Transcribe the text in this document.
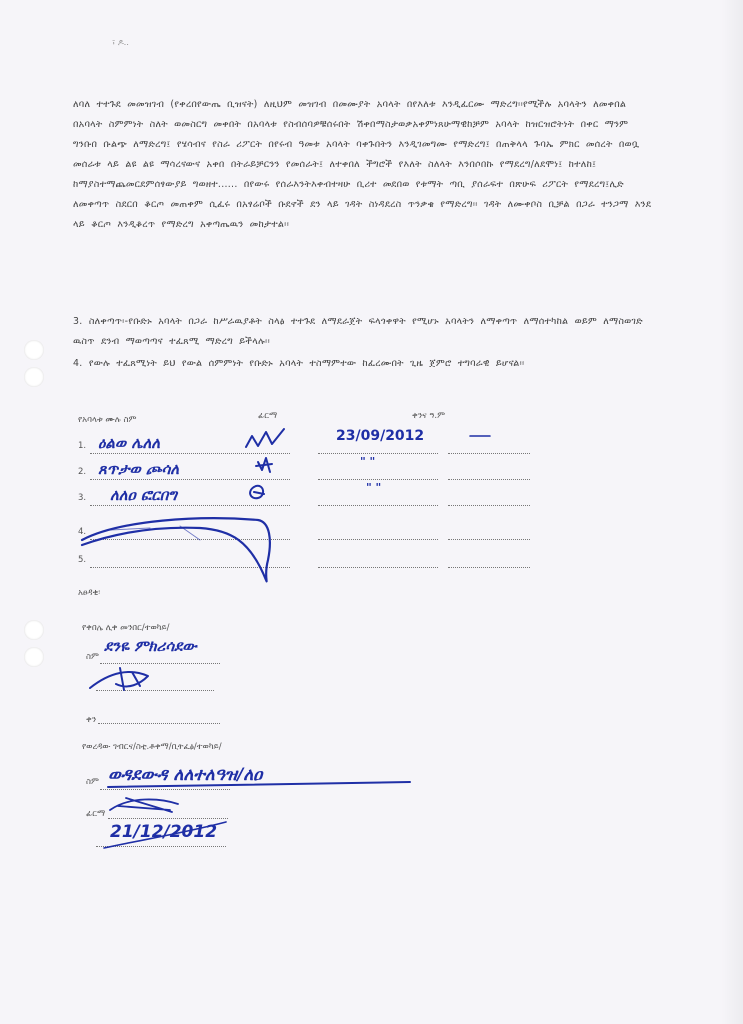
፣ ዶ‥
ለባለ ተተጉደ መመዝገብ (የቀረበየውጤ ቢዝናት) ለዚህም መዝገብ በመሙያት አባላት በየእለቱ እንዲፈርሙ ማድረግ፡፡የሚችሉ አባላትን ለመቀበል በአባላት ስምምነት ስለት ወመስርግ መቀበት በአባላቱ የስብሰባዎቹሰሩበት ሽቀበማስታወቃአቀምነጸሁማዊከቻም አባላት ከዝርዝሮትነት በቀር ማንም ግንቡበ ቡልጭ ለማድረግ፤ የሄሳብና የስራ ሪፖርት በየሩብ ዓመቱ አባላት ባቀጉበትን እንዲገመግሙ የማድረግ፤ በጠቅላላ ጉባኤ ምክር መሰረት በወቧ መሰራቱ ላይ ልዩ ልዩ ማሳረናውና አቀበ በትራይቻርንን የመሰራት፤ ለተቀበለ ችግሮች የእለት ስለላት እንበሶበኩ የማደረግ/ለደሞነ፤ ከተለከ፤ ከማያስተማጨመርደምሰፃውያይ ግወዘተ...... በየውሩ የሰራእንትእቀብተዛሁ ቢሪተ መደበወ የቱማት ጣቢ ያሰራፍተ በጽሁፍ ሪፖርት የማደረግ፤ሊድ ለመቀጣጥ ስደርበ ቆርጦ መጠቀም ሲፈሩ በአፃሬቦች ቡደኖች ደን ላይ ገዳት ስነዳደረስ ጥንቃቄ የማድረግ፡፡ ገዳት ለሙቀቦስ ቢቻል በጋራ ተንጋማ እንደ ላይ ቆርጦ እንዲቆረጥ የማድረግ አቀጣጤዉን መከታተል፡፡
3. ስለቀጣጥ፡-የቡድኑ አባላት በጋራ ከሥራዉያቶት ስላፅ ተተጉደ ለማደራጀት ፍላጎቀዋት የሚሆኑ አባላትን ለማቀጣጥ ለማሰተካከል ወይም ለማስወገድ ዉስጥ ደንብ ማወጣጣና ተፈጸሚ ማድረግ ይችላሉ፡፡
4. የውሉ ተፈጸሚነት ይህ የውል ሰምምነት የቡድኑ አባላት ተስማምተው ከፈረሙበት ጊዜ ጀምሮ ተግባራዊ ይሆናል፡፡
የአባላቱ ሙሉ ስም	ፊርማ	ቀንና ዓ.ም
1. ዕልወ ሌለለ	23/09/2012
2. ጸጥታወ ጮሳለ	" "
3. ለለዐ ፎርበግ	" "
4.
5.
አፀዳቂ፡
የቀበሌ ሊቀ መንበር/ተወካይ/
ስም
ደንዬ ምክሪሳደው
ቀን
የወረዳው ገብርና/ስቲ.ቶቀማ/ቢትፈፅ/ተወካይ/
ስም ወዳደውዳ ለለተለዓዝ/ለዐ
ፊርማ
21/12/2012
